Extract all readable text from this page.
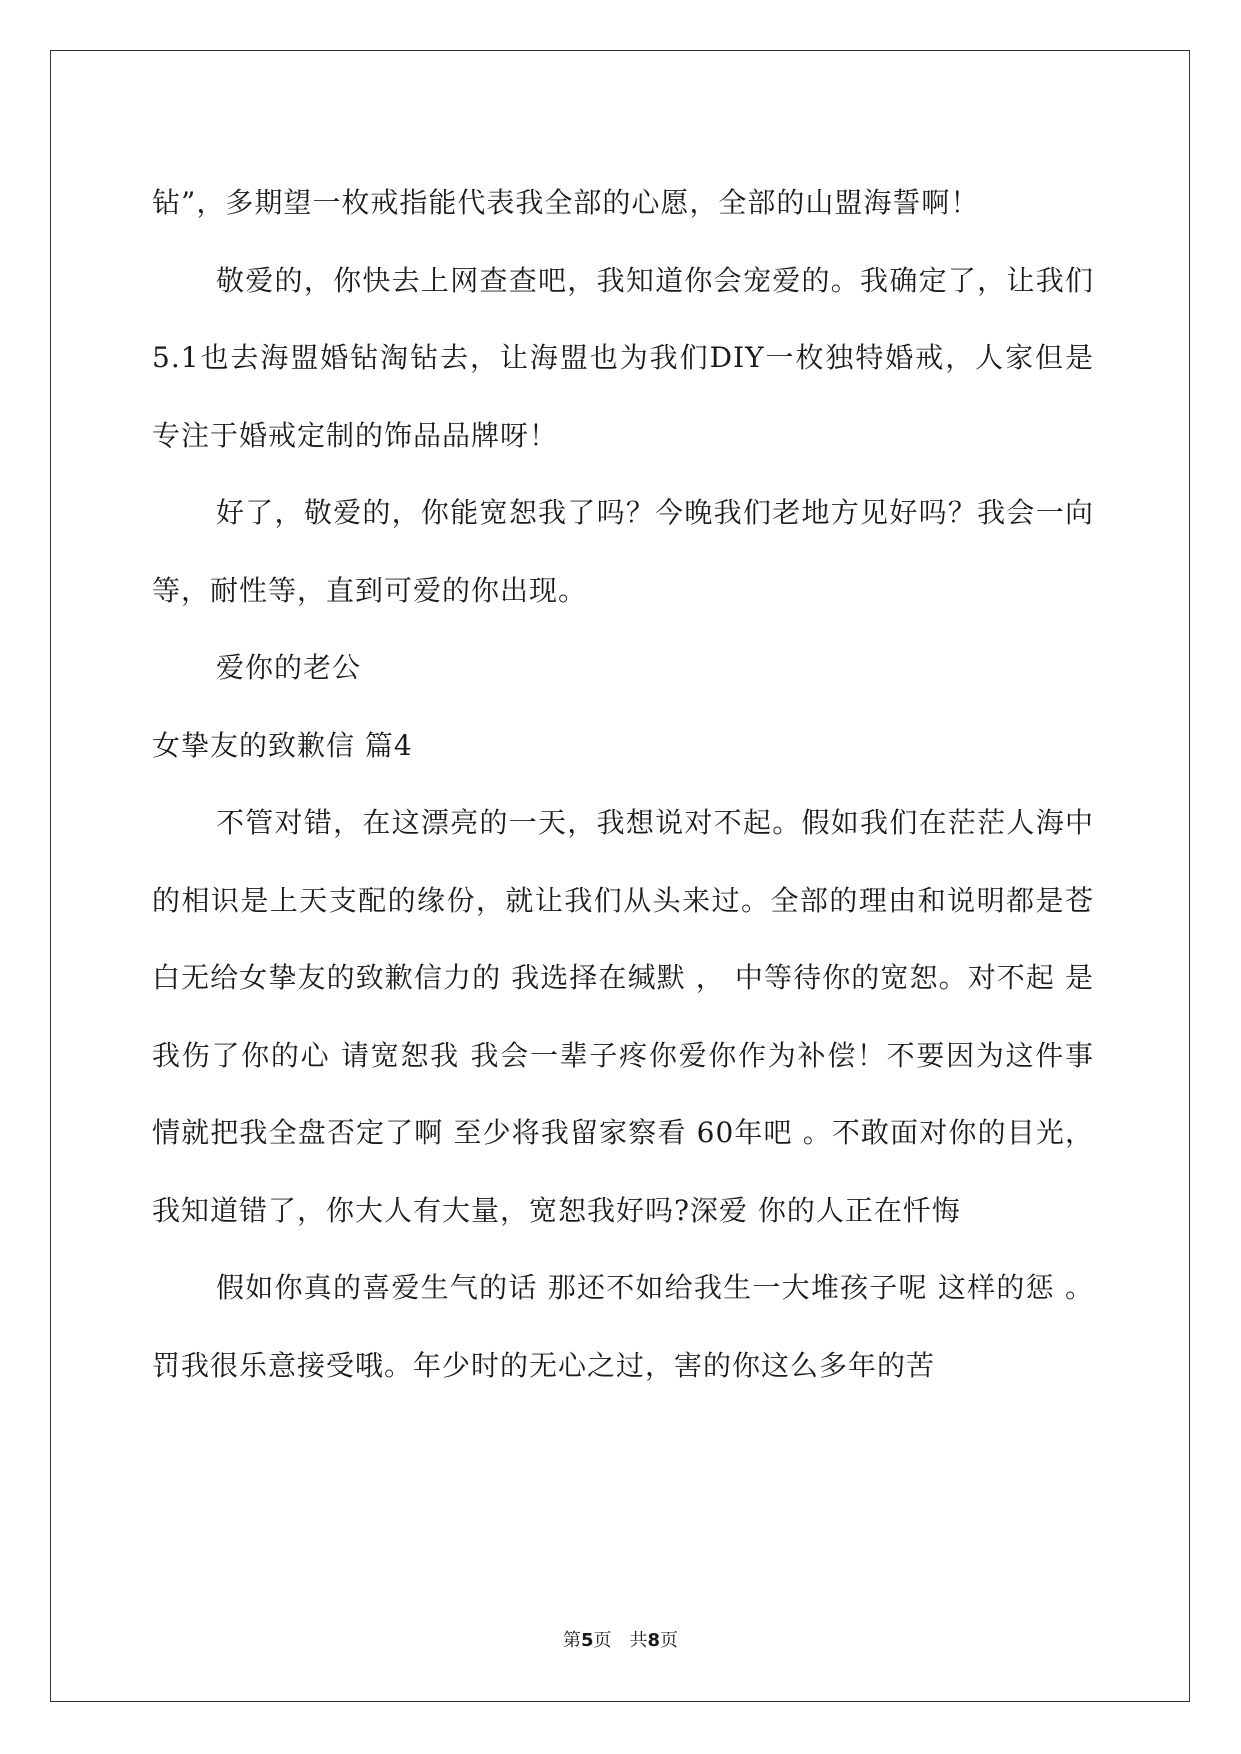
钻”，多期望一枚戒指能代表我全部的心愿，全部的山盟海誓啊！

敬爱的，你快去上网查查吧，我知道你会宠爱的。我确定了，让我们5.1也去海盟婚钻淘钻去，让海盟也为我们DIY一枚独特婚戒，人家但是专注于婚戒定制的饰品品牌呀！

好了，敬爱的，你能宽恕我了吗？今晚我们老地方见好吗？我会一向等，耐性等，直到可爱的你出现。

爱你的老公

女挚友的致歉信 篇4

不管对错，在这漂亮的一天，我想说对不起。假如我们在茫茫人海中 的相识是上天支配的缘份，就让我们从头来过。全部的理由和说明都是苍白无给女挚友的致歉信力的 我选择在缄默 ， 中等待你的宽恕。对不起 是我伤了你的心 请宽恕我 我会一辈子疼你爱你作为补偿！不要因为这件事情就把我全盘否定了啊 至少将我留家察看 60年吧 。不敢面对你的目光，我知道错了，你大人有大量，宽恕我好吗?深爱 你的人正在忏悔

假如你真的喜爱生气的话 那还不如给我生一大堆孩子呢 这样的惩 。 罚我很乐意接受哦。年少时的无心之过，害的你这么多年的苦

第5页　共8页
